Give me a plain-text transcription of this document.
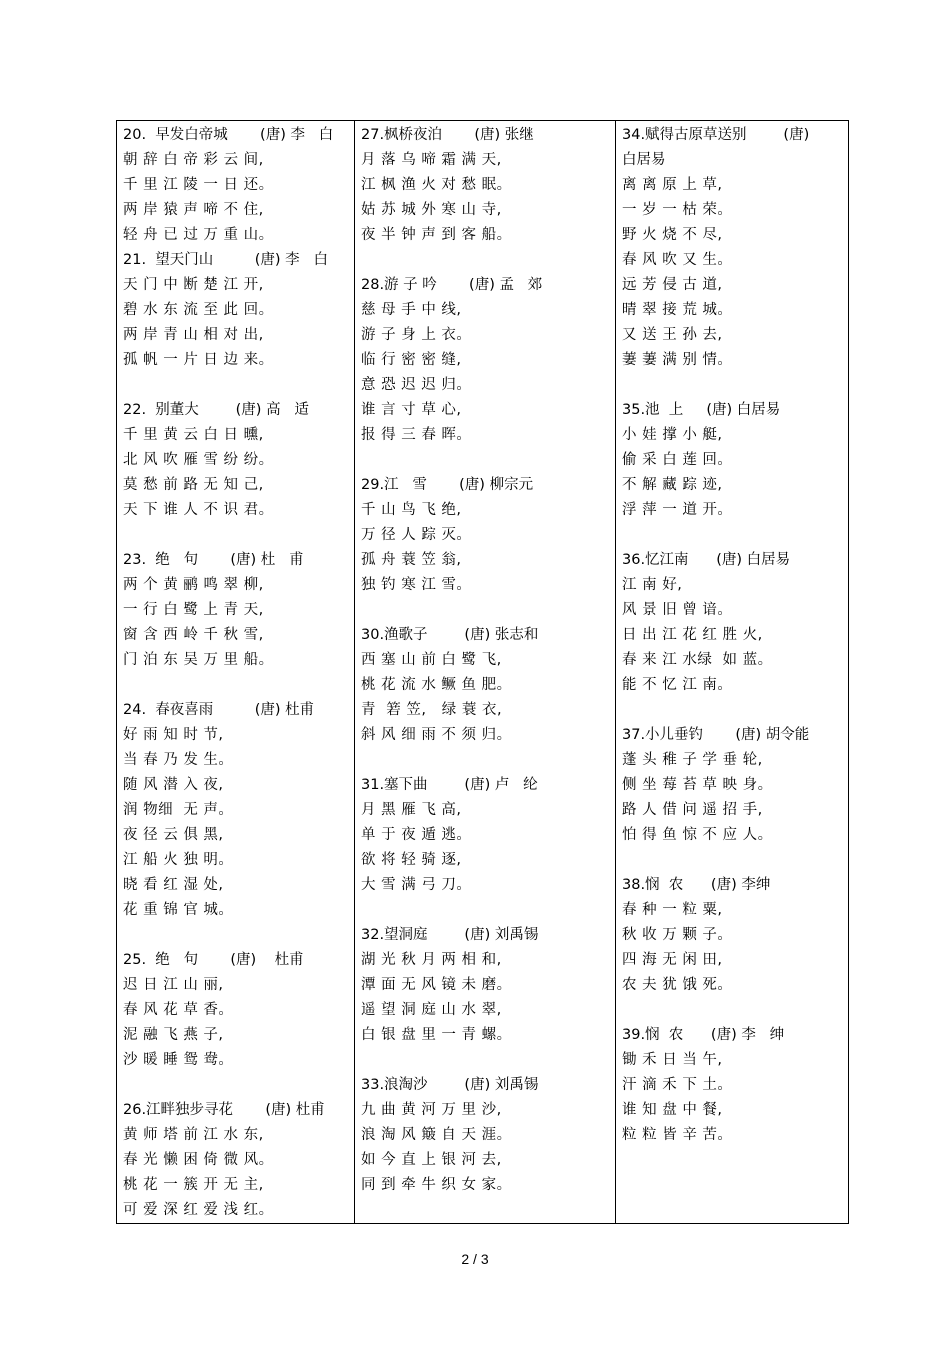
20.  早发白帝城       (唐) 李   白
朝 辞 白 帝 彩 云 间,
千 里 江 陵 一 日 还。
两 岸 猿 声 啼 不 住,
轻 舟 已 过 万 重 山。
21.  望天门山         (唐) 李   白
天 门 中 断 楚 江 开,
碧 水 东 流 至 此 回。
两 岸 青 山 相 对 出,
孤 帆 一 片 日 边 来。
22.  别董大        (唐) 高   适
千 里 黄 云 白 日 曛,
北 风 吹 雁 雪 纷 纷。
莫 愁 前 路 无 知 己,
天 下 谁 人 不 识 君。
23.  绝   句       (唐) 杜   甫
两 个 黄 鹂 鸣 翠 柳,
一 行 白 鹭 上 青 天,
窗 含 西 岭 千 秋 雪,
门 泊 东 吴 万 里 船。
24.  春夜喜雨         (唐) 杜甫
好 雨 知 时 节,
当 春 乃 发 生。
随 风 潜 入 夜,
润 物细  无 声。
夜 径 云 俱 黑,
江 船 火 独 明。
晓 看 红 湿 处,
花 重 锦 官 城。
25.  绝   句       (唐)    杜甫
迟 日 江 山 丽,
春 风 花 草 香。
泥 融 飞 燕 子,
沙 暖 睡 鸳 鸯。
26.江畔独步寻花       (唐) 杜甫
黄 师 塔 前 江 水 东,
春 光 懒 困 倚 微 风。
桃 花 一 簇 开 无 主,
可 爱 深 红 爱 浅 红。

27.枫桥夜泊       (唐) 张继
月 落 乌 啼 霜 满 天,
江 枫 渔 火 对 愁 眠。
姑 苏 城 外 寒 山 寺,
夜 半 钟 声 到 客 船。
28.游 子 吟       (唐) 孟   郊
慈 母 手 中 线,
游 子 身 上 衣。
临 行 密 密 缝,
意 恐 迟 迟 归。
谁 言 寸 草 心,
报 得 三 春 晖。
29.江   雪       (唐) 柳宗元
千 山 鸟 飞 绝,
万 径 人 踪 灭。
孤 舟 蓑 笠 翁,
独 钓 寒 江 雪。
30.渔歌子        (唐) 张志和
西 塞 山 前 白 鹭 飞,
桃 花 流 水 鳜 鱼 肥。
青  箬 笠,   绿 蓑 衣,
斜 风 细 雨 不 须 归。
31.塞下曲        (唐) 卢   纶
月 黑 雁 飞 高,
单 于 夜 遁 逃。
欲 将 轻 骑 逐,
大 雪 满 弓 刀。
32.望洞庭        (唐) 刘禹锡
湖 光 秋 月 两 相 和,
潭 面 无 风 镜 未 磨。
遥 望 洞 庭 山 水 翠,
白 银 盘 里 一 青 螺。
33.浪淘沙        (唐) 刘禹锡
九 曲 黄 河 万 里 沙,
浪 淘 风 簸 自 天 涯。
如 今 直 上 银 河 去,
同 到 牵 牛 织 女 家。

34.赋得古原草送别        (唐)
白居易
离 离 原 上 草,
一 岁 一 枯 荣。
野 火 烧 不 尽,
春 风 吹 又 生。
远 芳 侵 古 道,
晴 翠 接 荒 城。
又 送 王 孙 去,
萋 萋 满 别 情。
35.池  上     (唐) 白居易
小 娃 撑 小 艇,
偷 采 白 莲 回。
不 解 藏 踪 迹,
浮 萍 一 道 开。
36.忆江南      (唐) 白居易
江 南 好,
风 景 旧 曾 谙。
日 出 江 花 红 胜 火,
春 来 江 水绿  如 蓝。
能 不 忆 江 南。
37.小儿垂钓       (唐) 胡令能
蓬 头 稚 子 学 垂 轮,
侧 坐 莓 苔 草 映 身。
路 人 借 问 遥 招 手,
怕 得 鱼 惊 不 应 人。
38.悯  农      (唐) 李绅
春 种 一 粒 粟,
秋 收 万 颗 子。
四 海 无 闲 田,
农 夫 犹 饿 死。
39.悯  农      (唐) 李   绅
锄 禾 日 当 午,
汗 滴 禾 下 土。
谁 知 盘 中 餐,
粒 粒 皆 辛 苦。
2 / 3
